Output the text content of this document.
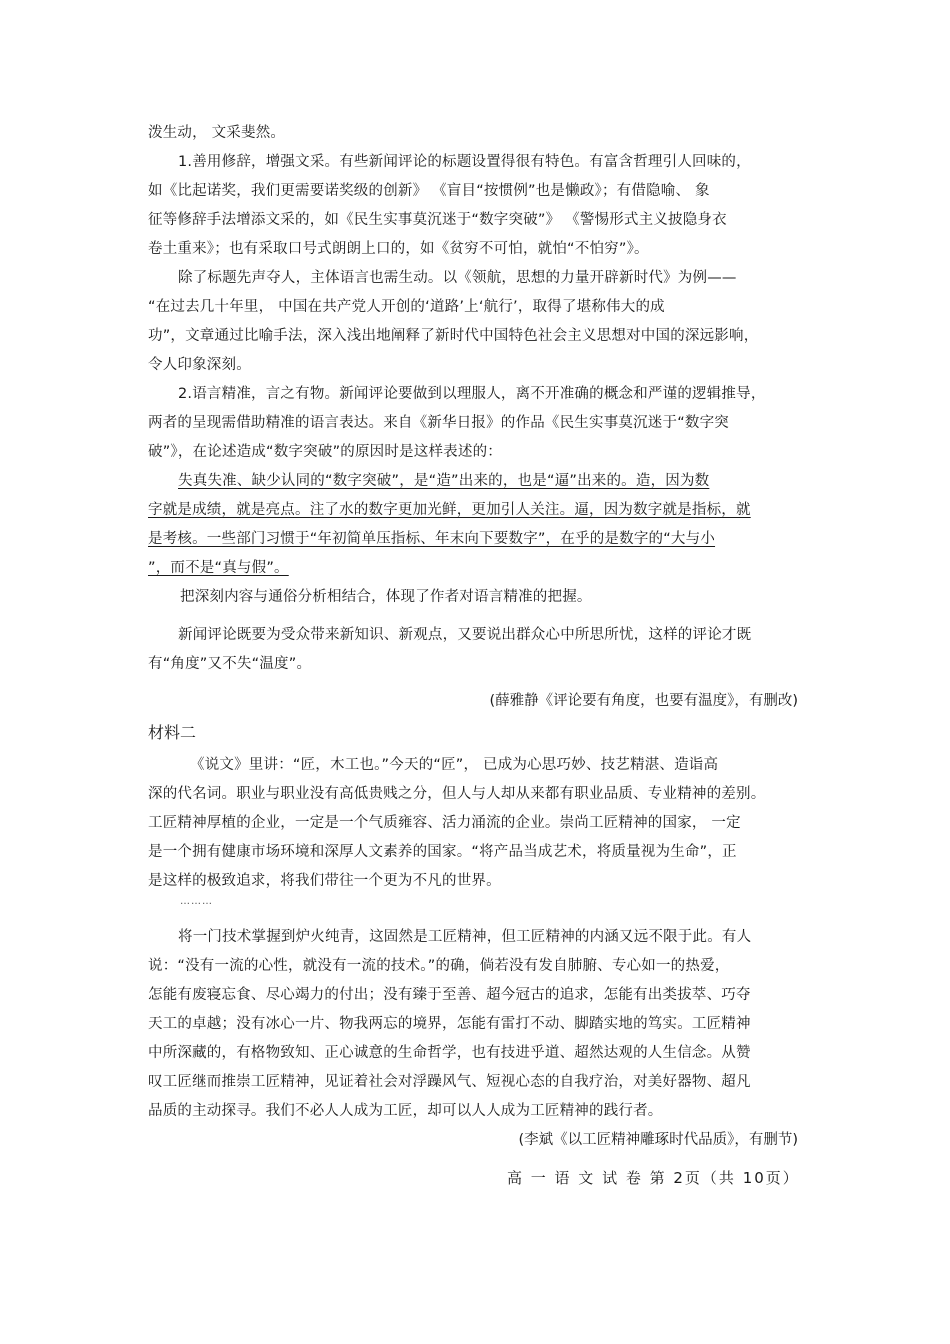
泼生动， 文采斐然。
1.善用修辞，增强文采。有些新闻评论的标题设置得很有特色。有富含哲理引人回味的，
如《比起诺奖，我们更需要诺奖级的创新》 《盲目“按惯例”也是懒政》；有借隐喻、 象
征等修辞手法增添文采的，如《民生实事莫沉迷于“数字突破”》 《警惕形式主义披隐身衣
卷土重来》；也有采取口号式朗朗上口的，如《贫穷不可怕，就怕“不怕穷”》。
除了标题先声夺人，主体语言也需生动。以《领航，思想的力量开辟新时代》为例——
“在过去几十年里， 中国在共产党人开创的‘道路’上‘航行’，取得了堪称伟大的成
功”，文章通过比喻手法，深入浅出地阐释了新时代中国特色社会主义思想对中国的深远影响，
令人印象深刻。
2.语言精准，言之有物。新闻评论要做到以理服人，离不开准确的概念和严谨的逻辑推导，
两者的呈现需借助精准的语言表达。来自《新华日报》的作品《民生实事莫沉迷于“数字突
破”》，在论述造成“数字突破”的原因时是这样表述的：
失真失准、缺少认同的“数字突破”，是“造”出来的，也是“逼”出来的。造，因为数
字就是成绩，就是亮点。注了水的数字更加光鲜，更加引人关注。逼，因为数字就是指标，就
是考核。一些部门习惯于“年初简单压指标、年末向下要数字”，在乎的是数字的“大与小
”，而不是“真与假”。
把深刻内容与通俗分析相结合，体现了作者对语言精准的把握。
新闻评论既要为受众带来新知识、新观点，又要说出群众心中所思所忧，这样的评论才既
有“角度”又不失“温度”。
(薛雅静《评论要有角度，也要有温度》，有删改)
材料二
《说文》里讲：“匠，木工也。”今天的“匠”， 已成为心思巧妙、技艺精湛、造诣高
深的代名词。职业与职业没有高低贵贱之分，但人与人却从来都有职业品质、专业精神的差别。
工匠精神厚植的企业，一定是一个气质雍容、活力涌流的企业。崇尚工匠精神的国家， 一定
是一个拥有健康市场环境和深厚人文素养的国家。“将产品当成艺术，将质量视为生命”，正
是这样的极致追求，将我们带往一个更为不凡的世界。
………
将一门技术掌握到炉火纯青，这固然是工匠精神，但工匠精神的内涵又远不限于此。有人
说：“没有一流的心性，就没有一流的技术。”的确，倘若没有发自肺腑、专心如一的热爱，
怎能有废寝忘食、尽心竭力的付出；没有臻于至善、超今冠古的追求，怎能有出类拔萃、巧夺
天工的卓越；没有冰心一片、物我两忘的境界，怎能有雷打不动、脚踏实地的笃实。工匠精神
中所深藏的，有格物致知、正心诚意的生命哲学，也有技进乎道、超然达观的人生信念。从赞
叹工匠继而推崇工匠精神，见证着社会对浮躁风气、短视心态的自我疗治，对美好器物、超凡
品质的主动探寻。我们不必人人成为工匠，却可以人人成为工匠精神的践行者。
(李斌《以工匠精神雕琢时代品质》，有删节)
高 一 语 文 试 卷 第 2页（共 10页）
